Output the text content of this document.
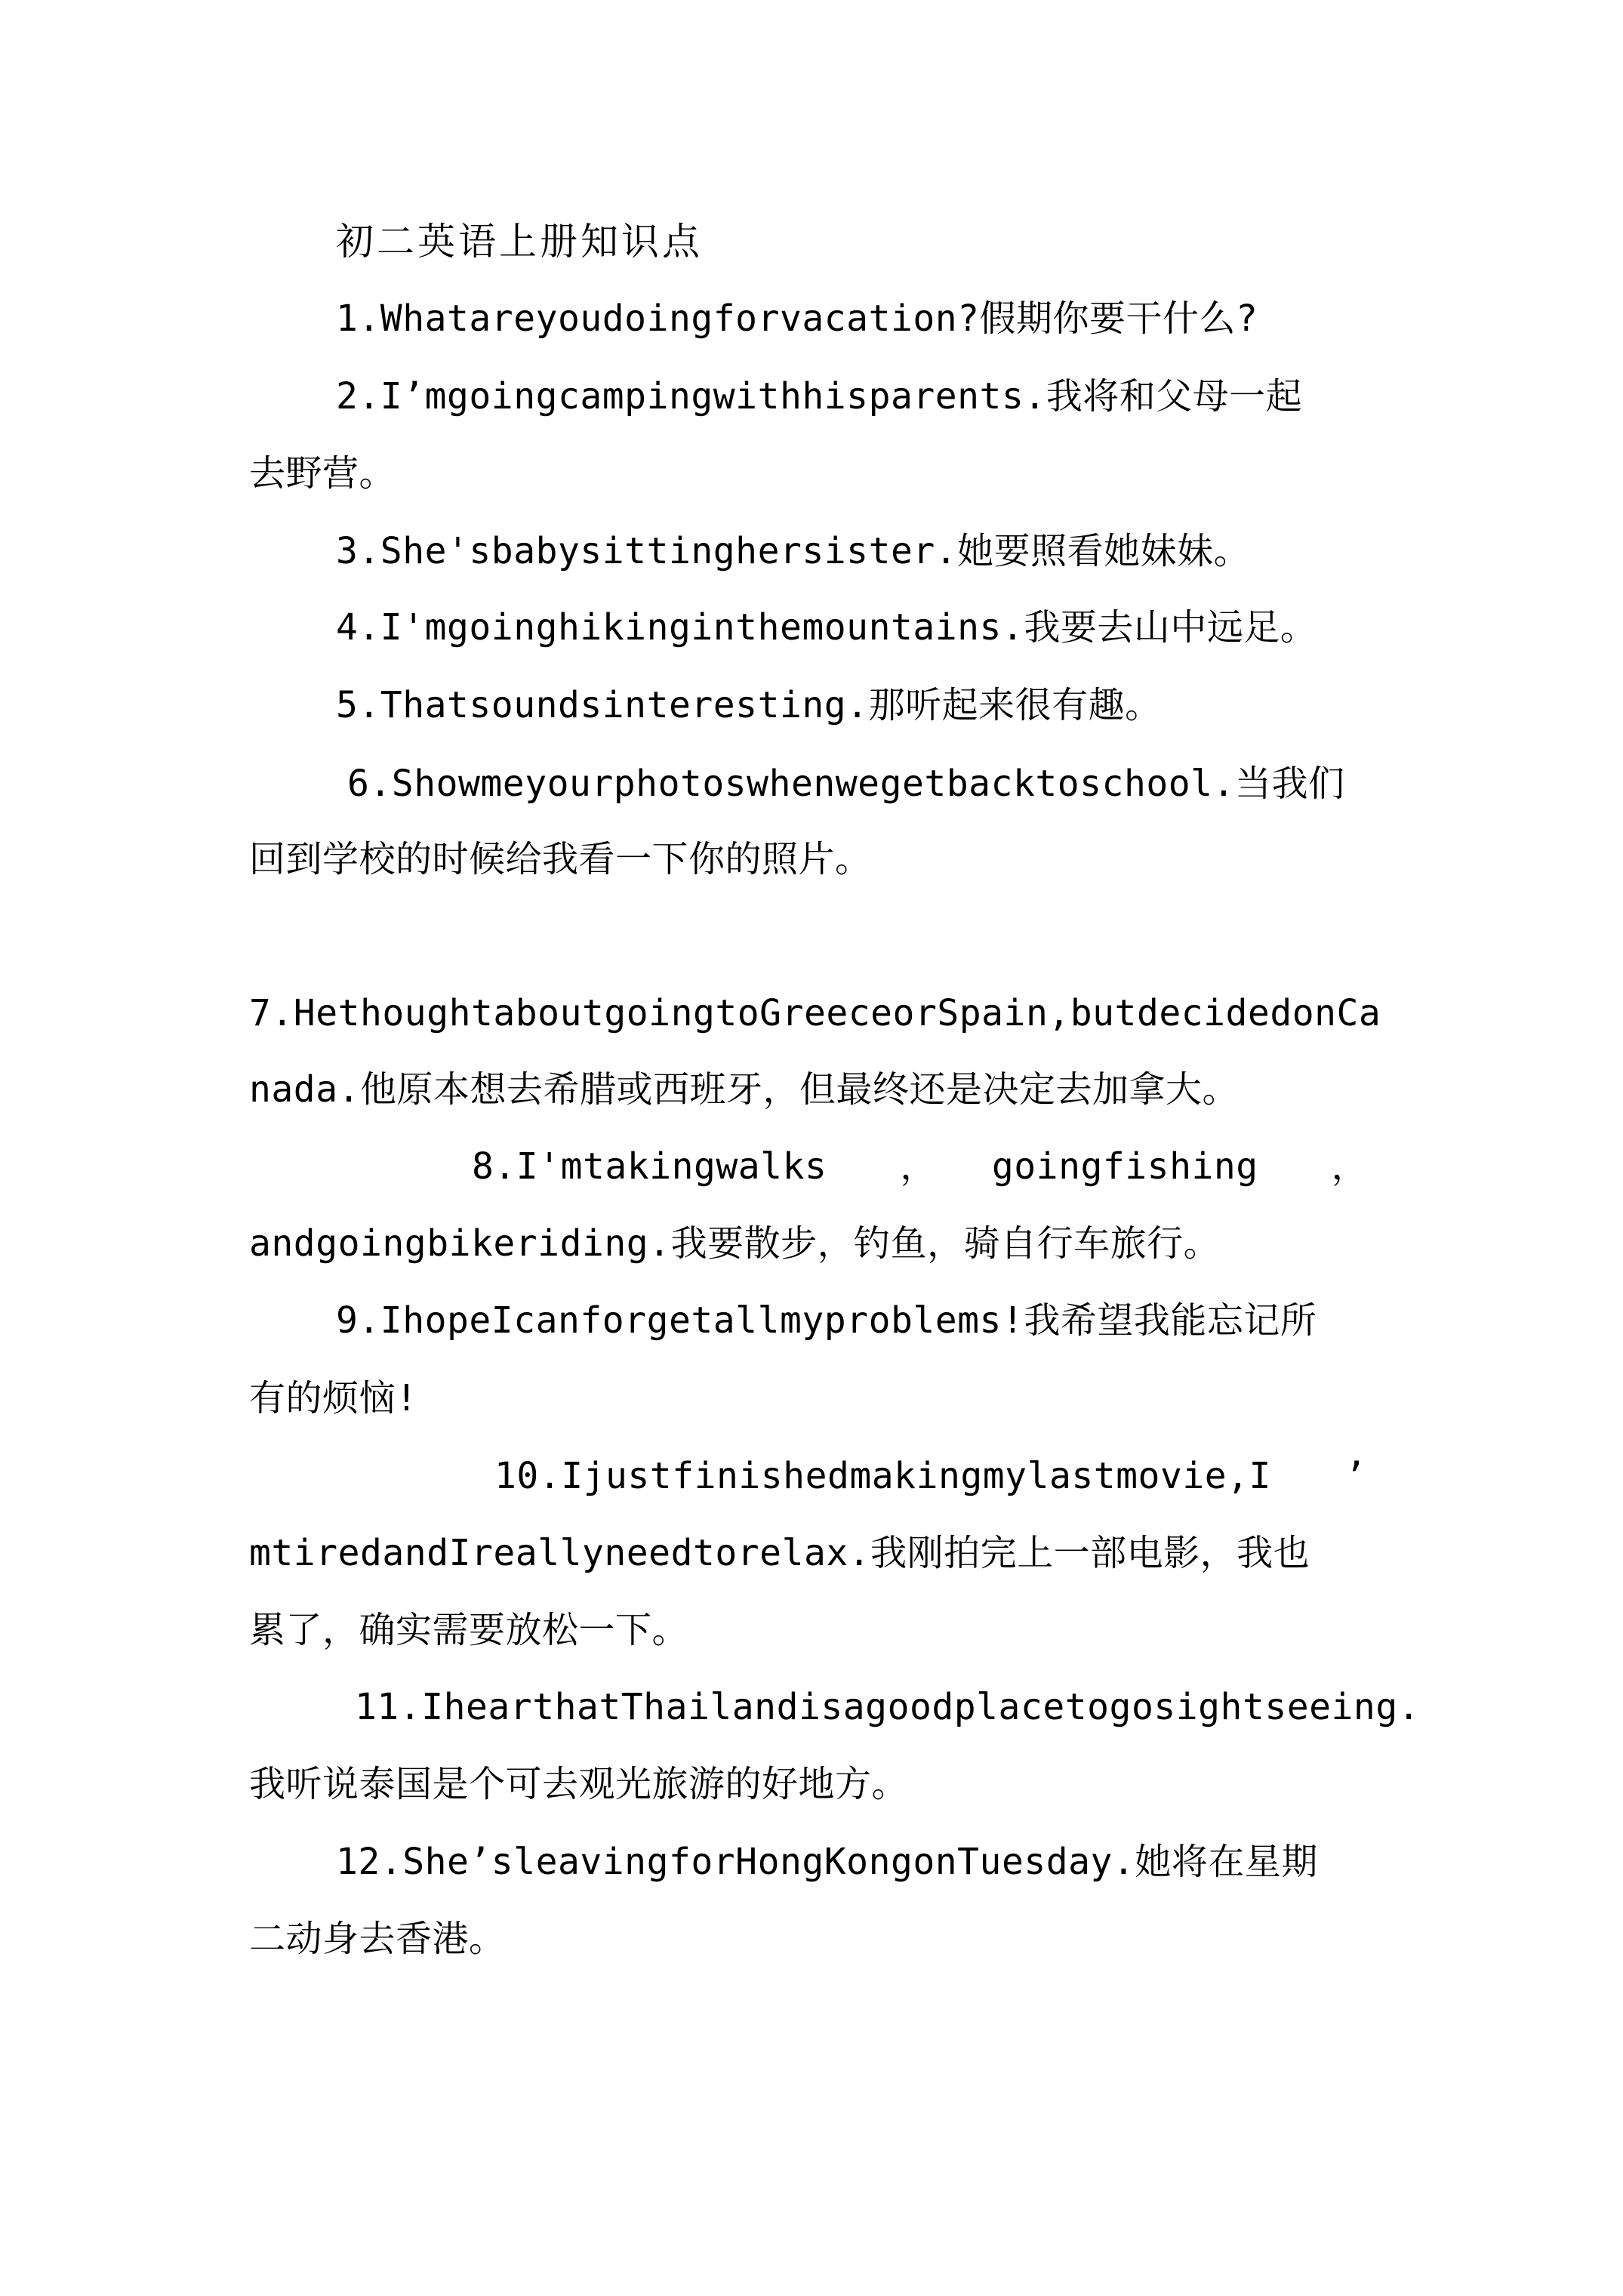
初二英语上册知识点
1.Whatareyoudoingforvacation?假期你要干什么?
2.I’mgoingcampingwithhisparents.我将和父母一起
去野营。
3.She'sbabysittinghersister.她要照看她妹妹。
4.I'mgoinghikinginthemountains.我要去山中远足。
5.Thatsoundsinteresting.那听起来很有趣。
6.Showmeyourphotoswhenwegetbacktoschool.当我们
回到学校的时候给我看一下你的照片。
7.HethoughtaboutgoingtoGreeceorSpain,butdecidedonCa
nada.他原本想去希腊或西班牙，但最终还是决定去加拿大。
8.I'mtakingwalks　　，　　goingfishing　　，
andgoingbikeriding.我要散步，钓鱼，骑自行车旅行。
9.IhopeIcanforgetallmyproblems!我希望我能忘记所
有的烦恼!
10.Ijustfinishedmakingmylastmovie,I　　’
mtiredandIreallyneedtorelax.我刚拍完上一部电影，我也
累了，确实需要放松一下。
11.IhearthatThailandisagoodplacetogosightseeing.
我听说泰国是个可去观光旅游的好地方。
12.She’sleavingforHongKongonTuesday.她将在星期
二动身去香港。
